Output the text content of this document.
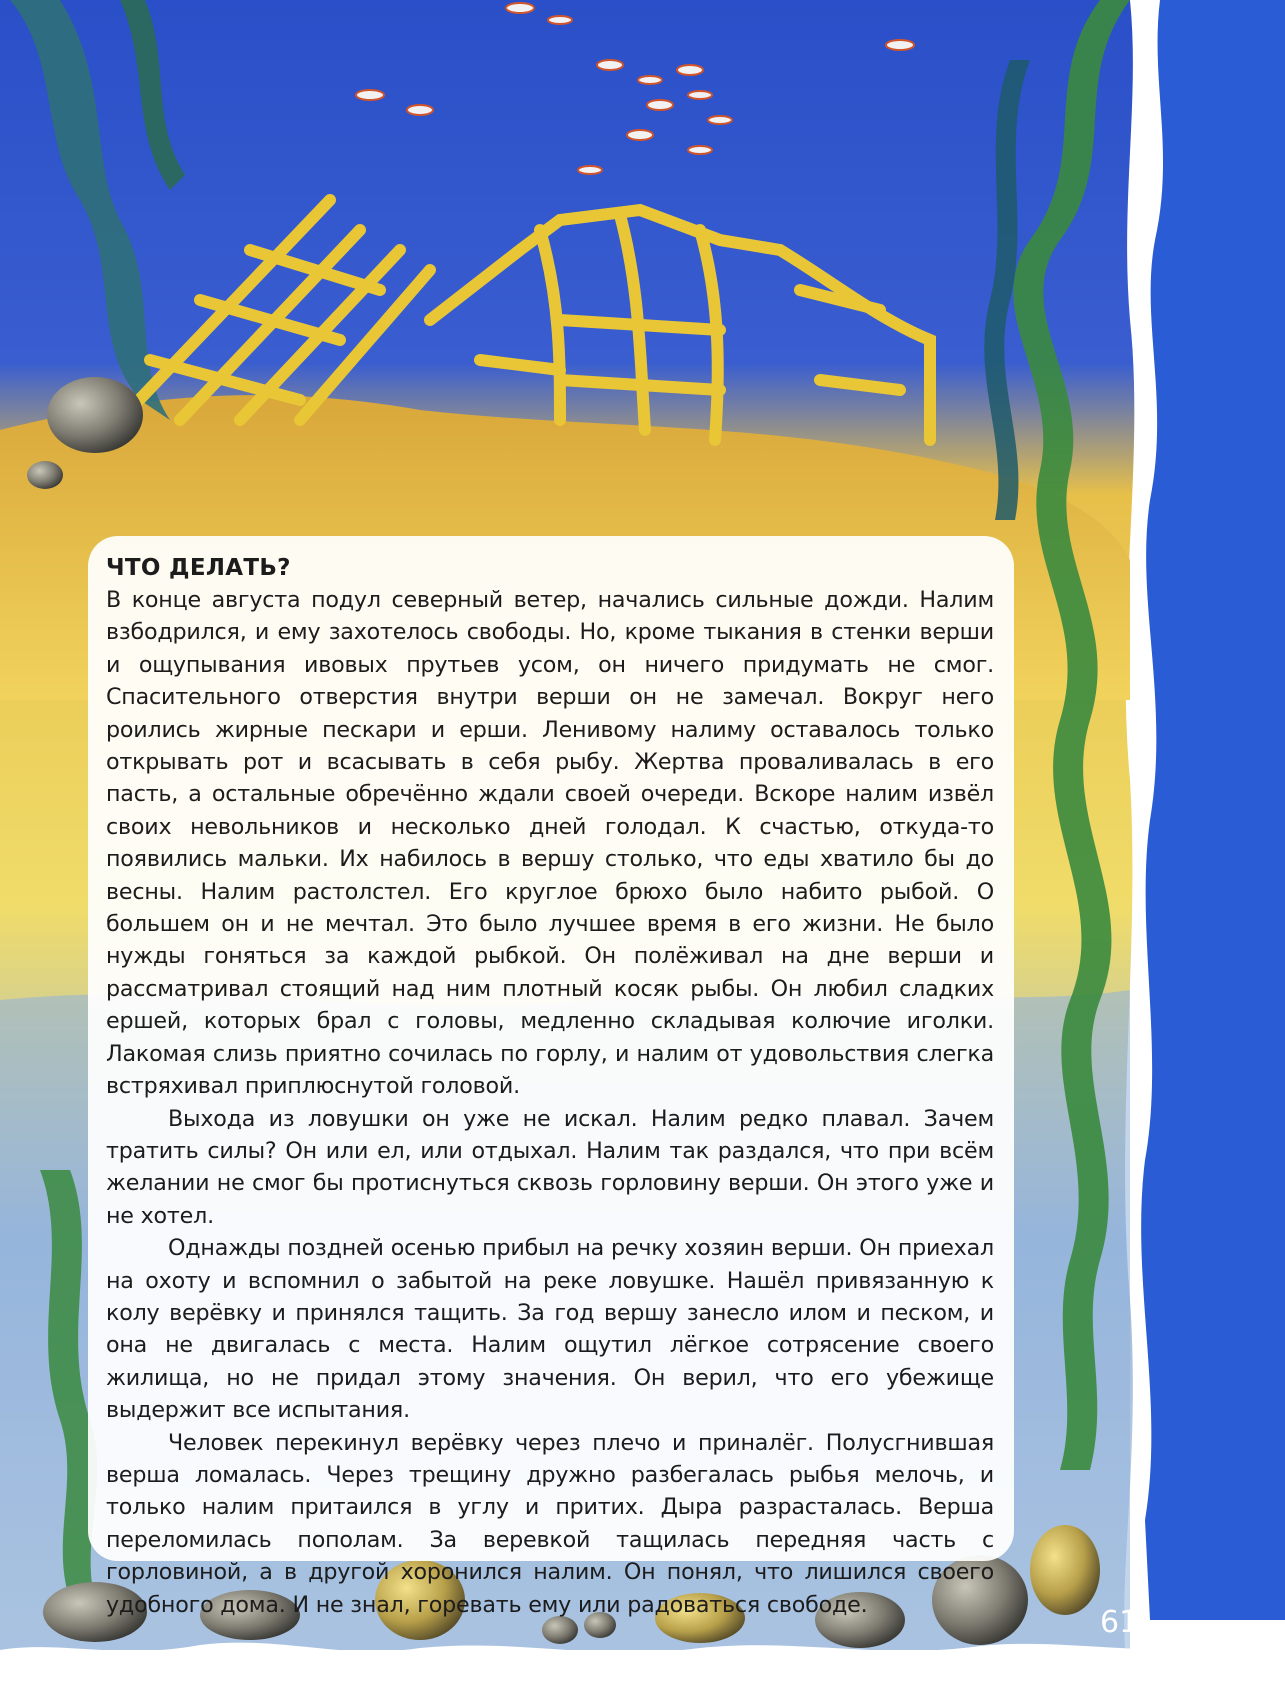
ЧТО ДЕЛАТЬ?

В конце августа подул северный ветер, начались сильные дожди. Налим взбодрился, и ему захотелось свободы. Но, кроме тыкания в стенки верши и ощупывания ивовых прутьев усом, он ничего придумать не смог. Спасительного отверстия внутри верши он не замечал. Вокруг него роились жирные пескари и ерши. Ленивому налиму оставалось только открывать рот и всасывать в себя рыбу. Жертва проваливалась в его пасть, а остальные обречённо ждали своей очереди. Вскоре налим извёл своих невольников и несколько дней голодал. К счастью, откуда-то появились мальки. Их набилось в вершу столько, что еды хватило бы до весны. Налим растолстел. Его круглое брюхо было набито рыбой. О большем он и не мечтал. Это было лучшее время в его жизни. Не было нужды гоняться за каждой рыбкой. Он полёживал на дне верши и рассматривал стоящий над ним плотный косяк рыбы. Он любил сладких ершей, которых брал с головы, медленно складывая колючие иголки. Лакомая слизь приятно сочилась по горлу, и налим от удовольствия слегка встряхивал приплюснутой головой.

Выхода из ловушки он уже не искал. Налим редко плавал. Зачем тратить силы? Он или ел, или отдыхал. Налим так раздался, что при всём желании не смог бы протиснуться сквозь горловину верши. Он этого уже и не хотел.

Однажды поздней осенью прибыл на речку хозяин верши. Он приехал на охоту и вспомнил о забытой на реке ловушке. Нашёл привязанную к колу верёвку и принялся тащить. За год вершу занесло илом и песком, и она не двигалась с места. Налим ощутил лёгкое сотрясение своего жилища, но не придал этому значения. Он верил, что его убежище выдержит все испытания.

Человек перекинул верёвку через плечо и приналёг. Полусгнившая верша ломалась. Через трещину дружно разбегалась рыбья мелочь, и только налим притаился в углу и притих. Дыра разрасталась. Верша переломилась пополам. За веревкой тащилась передняя часть с горловиной, а в другой хоронился налим. Он понял, что лишился своего удобного дома. И не знал, горевать ему или радоваться свободе.

61
